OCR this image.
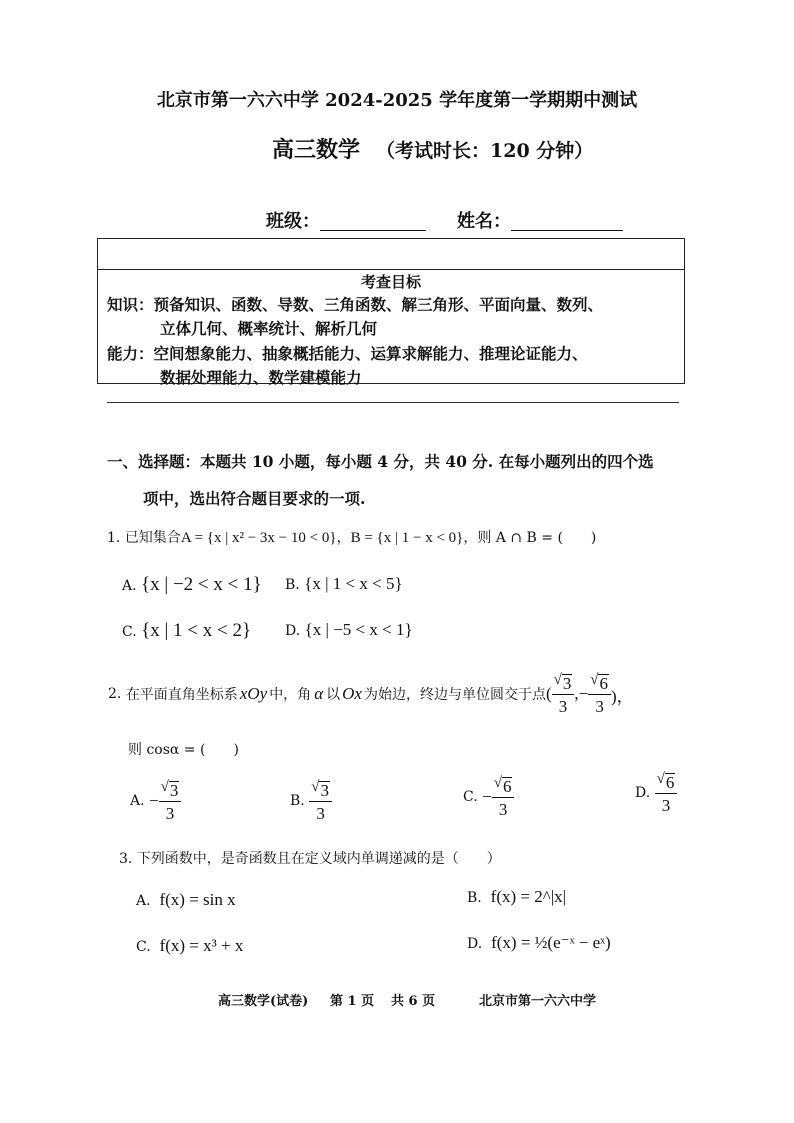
北京市第一六六中学 2024-2025 学年度第一学期期中测试
高三数学 （考试时长：120 分钟）
班级：	姓名：
考查目标
知识：预备知识、函数、导数、三角函数、解三角形、平面向量、数列、
立体几何、概率统计、解析几何
能力：空间想象能力、抽象概括能力、运算求解能力、推理论证能力、
数据处理能力、数学建模能力
一、选择题：本题共 10 小题，每小题 4 分，共 40 分. 在每小题列出的四个选
项中，选出符合题目要求的一项.
1. 已知集合A = {x | x² − 3x − 10 < 0}，B = {x | 1 − x < 0}，则 A ∩ B = (　　)
A. {x | −2 < x < 1} B. {x | 1 < x < 5}
C. {x | 1 < x < 2} D. {x | −5 < x < 1}
2.
在平面直角坐标系 xOy 中，角 α 以 Ox 为始边，终边与单位圆交于点 ( $\frac{√ 3}{3}$ , − $\frac{√ 6}{3}$ )，
则 cosα = (　　)
A.
− $\frac{√ 3}{3}$	B.
$\frac{√ 3}{3}$	C.
− $\frac{√ 6}{3}$	D.
$\frac{√ 6}{3}$
3. 下列函数中，是奇函数且在定义域内单调递减的是（　　）
A. f(x) = sin x	B. f(x) = 2^|x|
C. f(x) = x³ + x	D. f(x) = ½(e⁻ˣ − eˣ)
高三数学(试卷) 第 1 页 共 6 页	北京市第一六六中学
